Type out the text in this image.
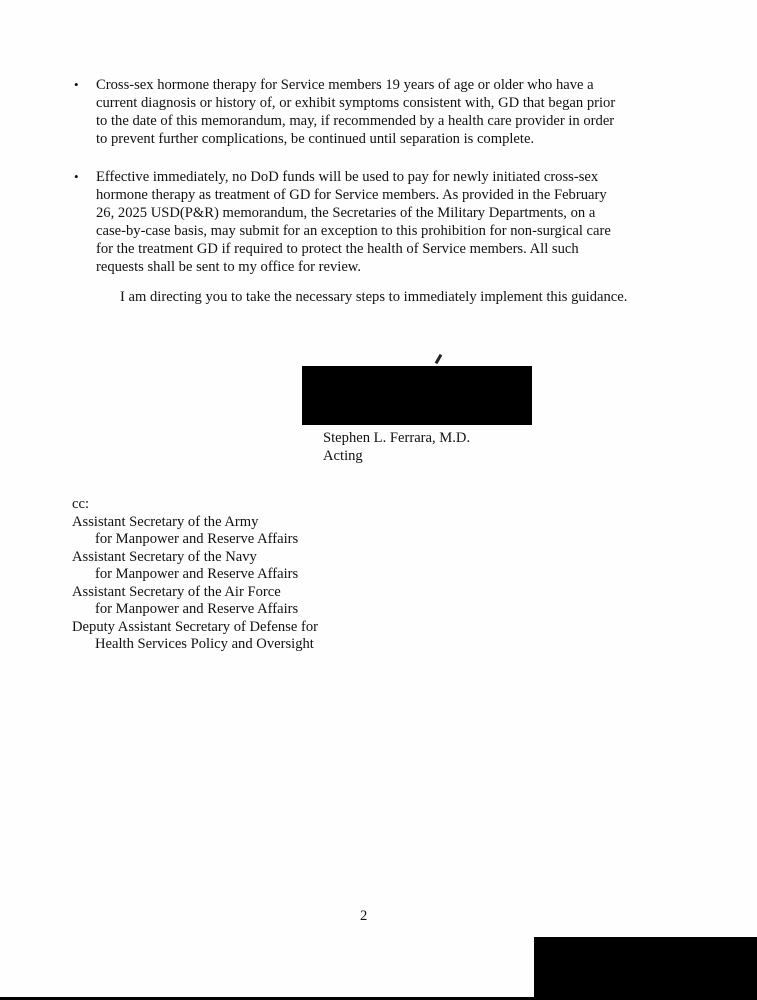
• Cross-sex hormone therapy for Service members 19 years of age or older who have a
current diagnosis or history of, or exhibit symptoms consistent with, GD that began prior
to the date of this memorandum, may, if recommended by a health care provider in order
to prevent further complications, be continued until separation is complete.
• Effective immediately, no DoD funds will be used to pay for newly initiated cross-sex
hormone therapy as treatment of GD for Service members. As provided in the February
26, 2025 USD(P&R) memorandum, the Secretaries of the Military Departments, on a
case-by-case basis, may submit for an exception to this prohibition for non-surgical care
for the treatment GD if required to protect the health of Service members. All such
requests shall be sent to my office for review.

I am directing you to take the necessary steps to immediately implement this guidance.

Stephen L. Ferrara, M.D.
Acting
cc:
Assistant Secretary of the Army
for Manpower and Reserve Affairs
Assistant Secretary of the Navy
for Manpower and Reserve Affairs
Assistant Secretary of the Air Force
for Manpower and Reserve Affairs
Deputy Assistant Secretary of Defense for
Health Services Policy and Oversight
2
